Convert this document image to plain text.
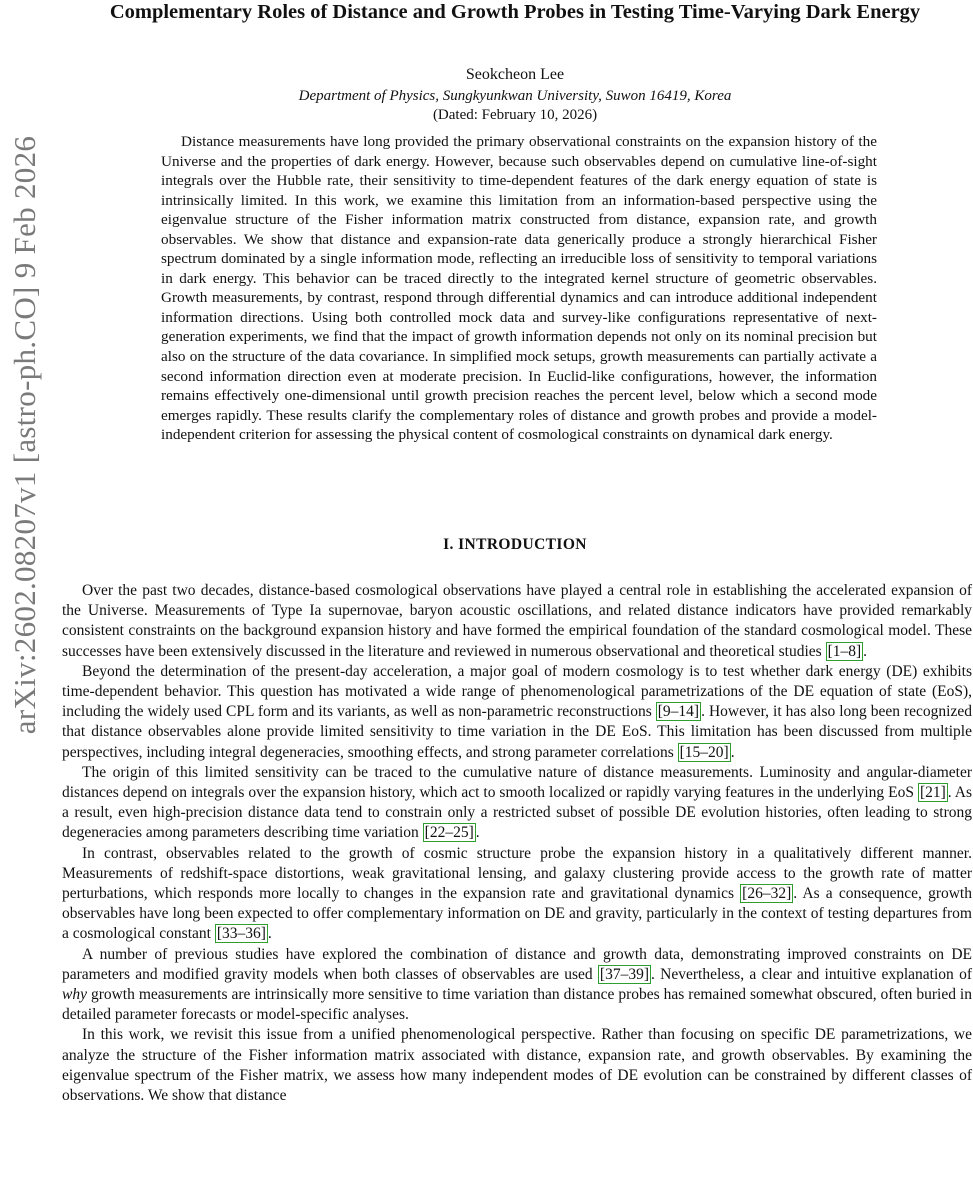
arXiv:2602.08207v1 [astro-ph.CO] 9 Feb 2026
Complementary Roles of Distance and Growth Probes in Testing Time-Varying Dark Energy
Seokcheon Lee
Department of Physics, Sungkyunkwan University, Suwon 16419, Korea
(Dated: February 10, 2026)

Distance measurements have long provided the primary observational constraints on the expansion history of the Universe and the properties of dark energy. However, because such observables depend on cumulative line-of-sight integrals over the Hubble rate, their sensitivity to time-dependent features of the dark energy equation of state is intrinsically limited. In this work, we examine this limitation from an information-based perspective using the eigenvalue structure of the Fisher information matrix constructed from distance, expansion rate, and growth observables. We show that distance and expansion-rate data generically produce a strongly hierarchical Fisher spectrum dominated by a single information mode, reflecting an irreducible loss of sensitivity to temporal variations in dark energy. This behavior can be traced directly to the integrated kernel structure of geometric observables. Growth measurements, by contrast, respond through differential dynamics and can introduce additional independent information directions. Using both controlled mock data and survey-like configurations representative of next-generation experiments, we find that the impact of growth information depends not only on its nominal precision but also on the structure of the data covariance. In simplified mock setups, growth measurements can partially activate a second information direction even at moderate precision. In Euclid-like configurations, however, the information remains effectively one-dimensional until growth precision reaches the percent level, below which a second mode emerges rapidly. These results clarify the complementary roles of distance and growth probes and provide a model-independent criterion for assessing the physical content of cosmological constraints on dynamical dark energy.

I. INTRODUCTION

Over the past two decades, distance-based cosmological observations have played a central role in establishing the accelerated expansion of the Universe. Measurements of Type Ia supernovae, baryon acoustic oscillations, and related distance indicators have provided remarkably consistent constraints on the background expansion history and have formed the empirical foundation of the standard cosmological model. These successes have been extensively discussed in the literature and reviewed in numerous observational and theoretical studies [1–8] .

Beyond the determination of the present-day acceleration, a major goal of modern cosmology is to test whether dark energy (DE) exhibits time-dependent behavior. This question has motivated a wide range of phenomenological parametrizations of the DE equation of state (EoS), including the widely used CPL form and its variants, as well as non-parametric reconstructions [9–14] . However, it has also long been recognized that distance observables alone provide limited sensitivity to time variation in the DE EoS. This limitation has been discussed from multiple perspectives, including integral degeneracies, smoothing effects, and strong parameter correlations [15–20] .

The origin of this limited sensitivity can be traced to the cumulative nature of distance measurements. Luminosity and angular-diameter distances depend on integrals over the expansion history, which act to smooth localized or rapidly varying features in the underlying EoS [21] . As a result, even high-precision distance data tend to constrain only a restricted subset of possible DE evolution histories, often leading to strong degeneracies among parameters describing time variation [22–25] .

In contrast, observables related to the growth of cosmic structure probe the expansion history in a qualitatively different manner. Measurements of redshift-space distortions, weak gravitational lensing, and galaxy clustering provide access to the growth rate of matter perturbations, which responds more locally to changes in the expansion rate and gravitational dynamics [26–32] . As a consequence, growth observables have long been expected to offer complementary information on DE and gravity, particularly in the context of testing departures from a cosmological constant [33–36] .

A number of previous studies have explored the combination of distance and growth data, demonstrating improved constraints on DE parameters and modified gravity models when both classes of observables are used [37–39] . Nevertheless, a clear and intuitive explanation of why growth measurements are intrinsically more sensitive to time variation than distance probes has remained somewhat obscured, often buried in detailed parameter forecasts or model-specific analyses.

In this work, we revisit this issue from a unified phenomenological perspective. Rather than focusing on specific DE parametrizations, we analyze the structure of the Fisher information matrix associated with distance, expansion rate, and growth observables. By examining the eigenvalue spectrum of the Fisher matrix, we assess how many independent modes of DE evolution can be constrained by different classes of observations. We show that distance
